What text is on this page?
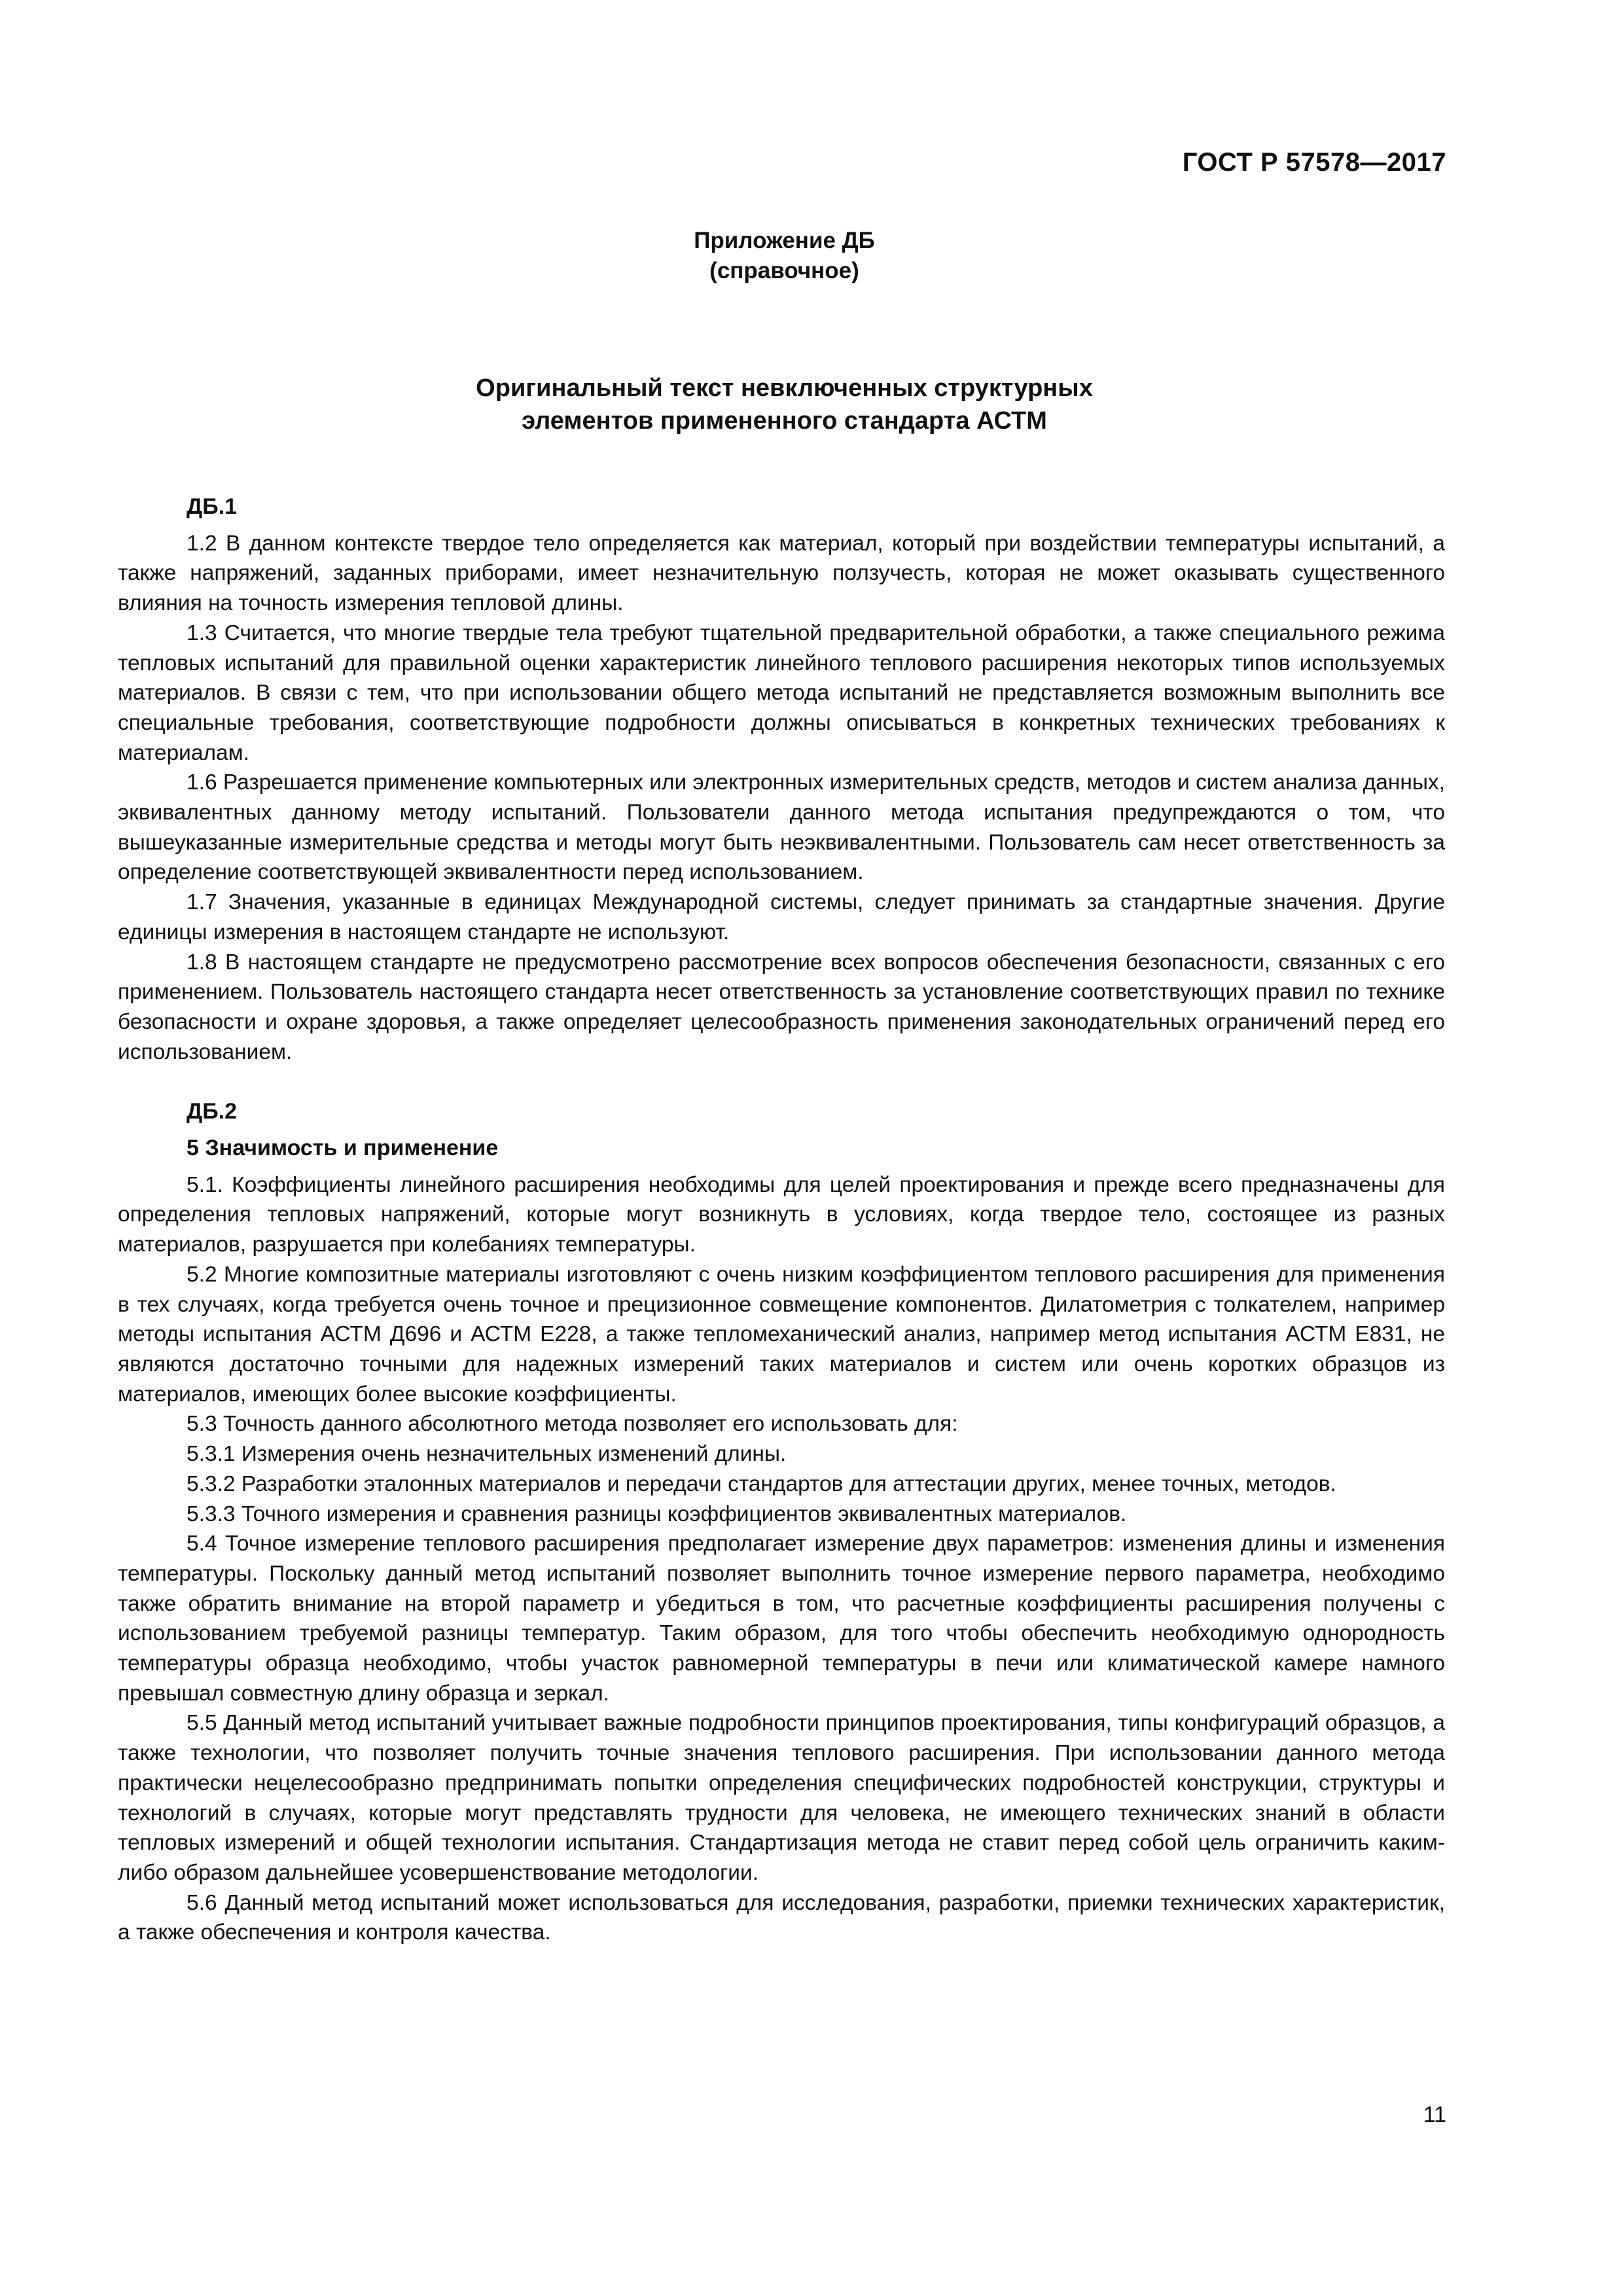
ГОСТ Р 57578—2017
Приложение ДБ
(справочное)
Оригинальный текст невключенных структурных
элементов примененного стандарта АСТМ

ДБ.1

1.2 В данном контексте твердое тело определяется как материал, который при воздействии температуры испытаний, а также напряжений, заданных приборами, имеет незначительную ползучесть, которая не может оказывать существенного влияния на точность измерения тепловой длины.

1.3 Считается, что многие твердые тела требуют тщательной предварительной обработки, а также специального режима тепловых испытаний для правильной оценки характеристик линейного теплового расширения некоторых типов используемых материалов. В связи с тем, что при использовании общего метода испытаний не представляется возможным выполнить все специальные требования, соответствующие подробности должны описываться в конкретных технических требованиях к материалам.

1.6 Разрешается применение компьютерных или электронных измерительных средств, методов и систем анализа данных, эквивалентных данному методу испытаний. Пользователи данного метода испытания предупреждаются о том, что вышеуказанные измерительные средства и методы могут быть неэквивалентными. Пользователь сам несет ответственность за определение соответствующей эквивалентности перед использованием.

1.7 Значения, указанные в единицах Международной системы, следует принимать за стандартные значения. Другие единицы измерения в настоящем стандарте не используют.

1.8 В настоящем стандарте не предусмотрено рассмотрение всех вопросов обеспечения безопасности, связанных с его применением. Пользователь настоящего стандарта несет ответственность за установление соответствующих правил по технике безопасности и охране здоровья, а также определяет целесообразность применения законодательных ограничений перед его использованием.

ДБ.2

5 Значимость и применение

5.1. Коэффициенты линейного расширения необходимы для целей проектирования и прежде всего предназначены для определения тепловых напряжений, которые могут возникнуть в условиях, когда твердое тело, состоящее из разных материалов, разрушается при колебаниях температуры.

5.2 Многие композитные материалы изготовляют с очень низким коэффициентом теплового расширения для применения в тех случаях, когда требуется очень точное и прецизионное совмещение компонентов. Дилатометрия с толкателем, например методы испытания АСТМ Д696 и АСТМ Е228, а также тепломеханический анализ, например метод испытания АСТМ Е831, не являются достаточно точными для надежных измерений таких материалов и систем или очень коротких образцов из материалов, имеющих более высокие коэффициенты.

5.3 Точность данного абсолютного метода позволяет его использовать для:

5.3.1 Измерения очень незначительных изменений длины.

5.3.2 Разработки эталонных материалов и передачи стандартов для аттестации других, менее точных, методов.

5.3.3 Точного измерения и сравнения разницы коэффициентов эквивалентных материалов.

5.4 Точное измерение теплового расширения предполагает измерение двух параметров: изменения длины и изменения температуры. Поскольку данный метод испытаний позволяет выполнить точное измерение первого параметра, необходимо также обратить внимание на второй параметр и убедиться в том, что расчетные коэффициенты расширения получены с использованием требуемой разницы температур. Таким образом, для того чтобы обеспечить необходимую однородность температуры образца необходимо, чтобы участок равномерной температуры в печи или климатической камере намного превышал совместную длину образца и зеркал.

5.5 Данный метод испытаний учитывает важные подробности принципов проектирования, типы конфигураций образцов, а также технологии, что позволяет получить точные значения теплового расширения. При использовании данного метода практически нецелесообразно предпринимать попытки определения специфических подробностей конструкции, структуры и технологий в случаях, которые могут представлять трудности для человека, не имеющего технических знаний в области тепловых измерений и общей технологии испытания. Стандартизация метода не ставит перед собой цель ограничить каким-либо образом дальнейшее усовершенствование методологии.

5.6 Данный метод испытаний может использоваться для исследования, разработки, приемки технических характеристик, а также обеспечения и контроля качества.

11
